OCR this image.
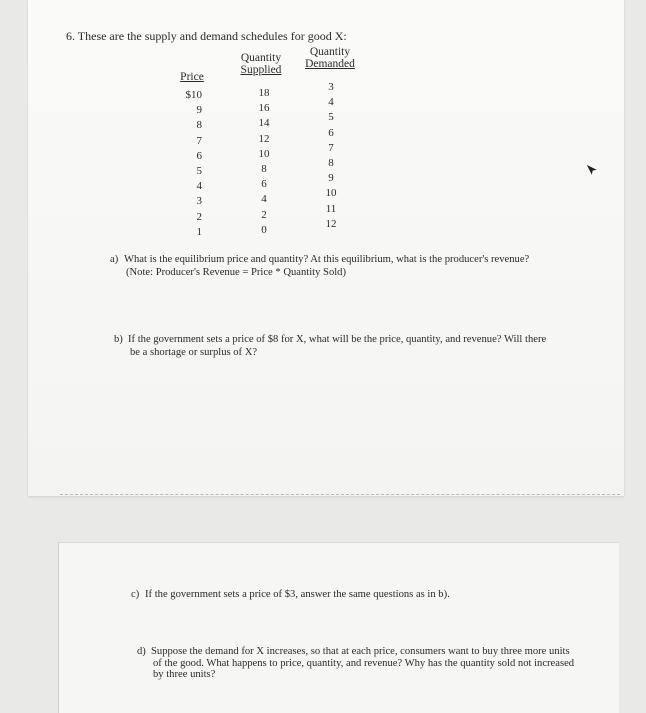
6. These are the supply and demand schedules for good X:
Price
Quantity
Supplied
Quantity
Demanded
$10
9
8
7
6
5
4
3
2
1
18
16
14
12
10
8
6
4
2
0
3
4
5
6
7
8
9
10
11
12
a) What is the equilibrium price and quantity? At this equilibrium, what is the producer's revenue?
(Note: Producer's Revenue = Price * Quantity Sold)
b) If the government sets a price of $8 for X, what will be the price, quantity, and revenue? Will there
be a shortage or surplus of X?
c) If the government sets a price of $3, answer the same questions as in b).
d) Suppose the demand for X increases, so that at each price, consumers want to buy three more units
of the good. What happens to price, quantity, and revenue? Why has the quantity sold not increased
by three units?
